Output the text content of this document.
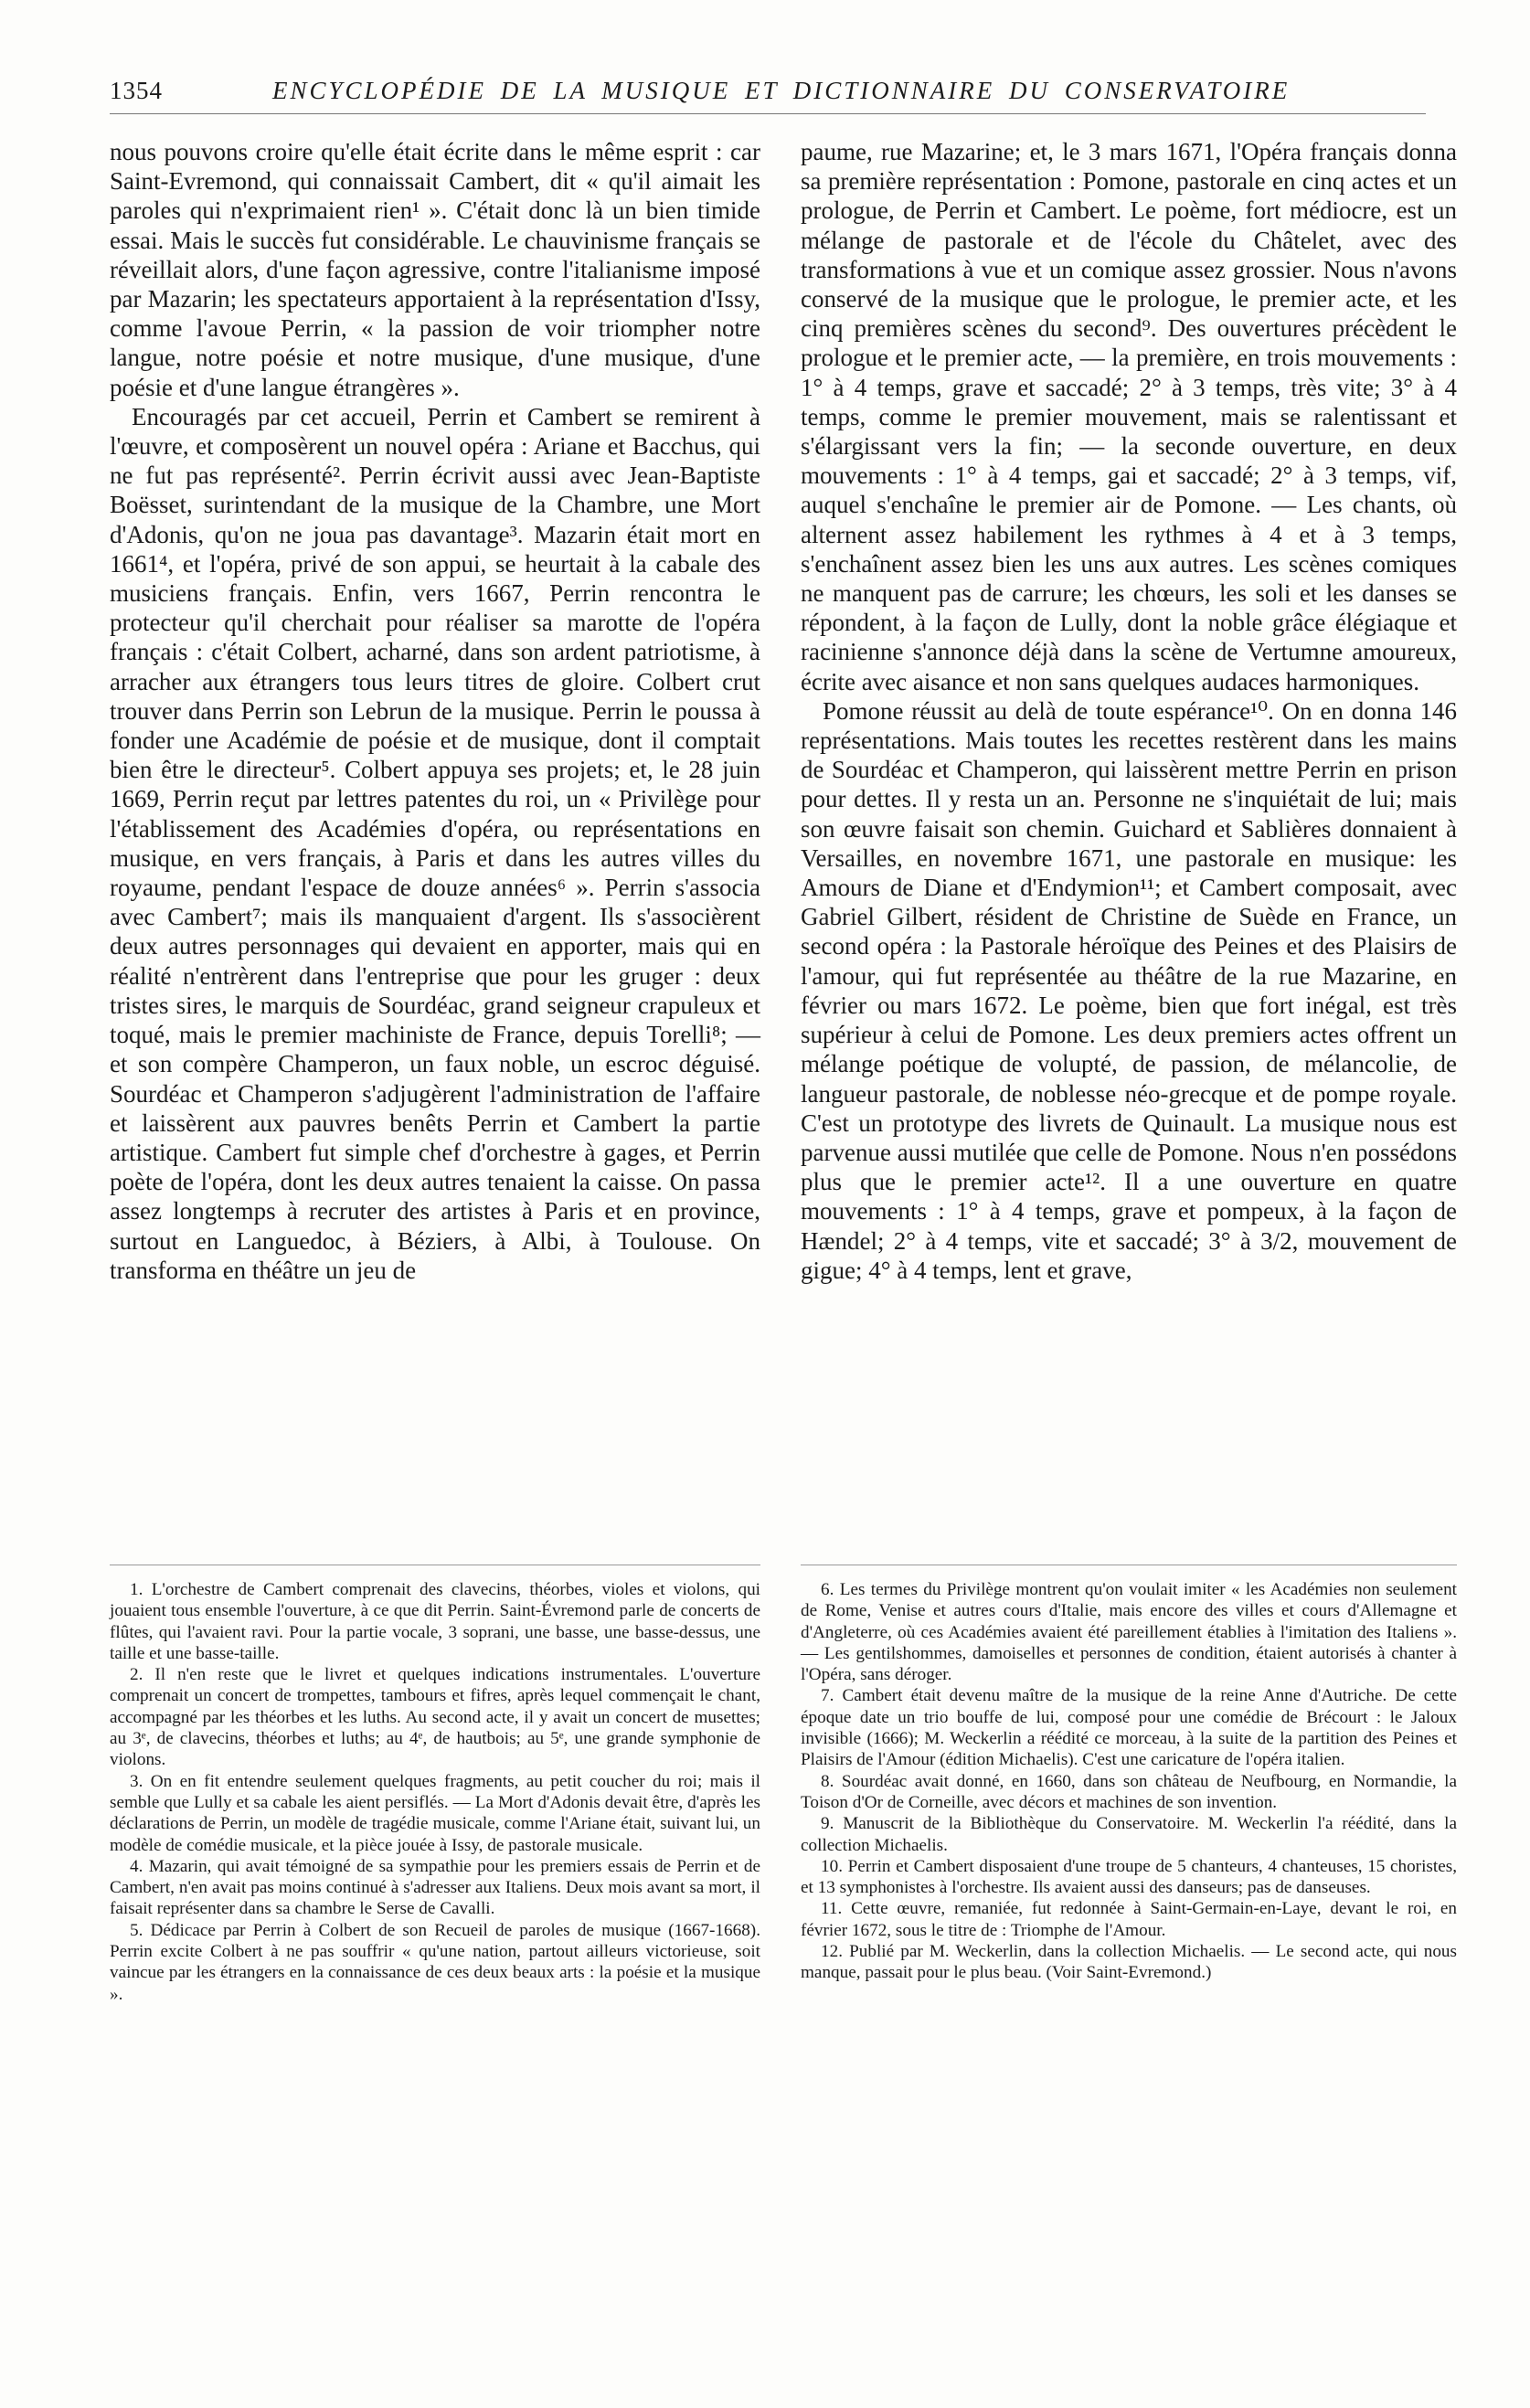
1354	ENCYCLOPÉDIE DE LA MUSIQUE ET DICTIONNAIRE DU CONSERVATOIRE

nous pouvons croire qu'elle était écrite dans le même esprit : car Saint-Evremond, qui connaissait Cambert, dit « qu'il aimait les paroles qui n'exprimaient rien¹ ». C'était donc là un bien timide essai. Mais le succès fut considérable. Le chauvinisme français se réveillait alors, d'une façon agressive, contre l'italianisme imposé par Mazarin; les spectateurs apportaient à la représentation d'Issy, comme l'avoue Perrin, « la passion de voir triompher notre langue, notre poésie et notre musique, d'une musique, d'une poésie et d'une langue étrangères ».

Encouragés par cet accueil, Perrin et Cambert se remirent à l'œuvre, et composèrent un nouvel opéra : Ariane et Bacchus, qui ne fut pas représenté². Perrin écrivit aussi avec Jean-Baptiste Boësset, surintendant de la musique de la Chambre, une Mort d'Adonis, qu'on ne joua pas davantage³. Mazarin était mort en 1661⁴, et l'opéra, privé de son appui, se heurtait à la cabale des musiciens français. Enfin, vers 1667, Perrin rencontra le protecteur qu'il cherchait pour réaliser sa marotte de l'opéra français : c'était Colbert, acharné, dans son ardent patriotisme, à arracher aux étrangers tous leurs titres de gloire. Colbert crut trouver dans Perrin son Lebrun de la musique. Perrin le poussa à fonder une Académie de poésie et de musique, dont il comptait bien être le directeur⁵. Colbert appuya ses projets; et, le 28 juin 1669, Perrin reçut par lettres patentes du roi, un « Privilège pour l'établissement des Académies d'opéra, ou représentations en musique, en vers français, à Paris et dans les autres villes du royaume, pendant l'espace de douze années⁶ ». Perrin s'associa avec Cambert⁷; mais ils manquaient d'argent. Ils s'associèrent deux autres personnages qui devaient en apporter, mais qui en réalité n'entrèrent dans l'entreprise que pour les gruger : deux tristes sires, le marquis de Sourdéac, grand seigneur crapuleux et toqué, mais le premier machiniste de France, depuis Torelli⁸; — et son compère Champeron, un faux noble, un escroc déguisé. Sourdéac et Champeron s'adjugèrent l'administration de l'affaire et laissèrent aux pauvres benêts Perrin et Cambert la partie artistique. Cambert fut simple chef d'orchestre à gages, et Perrin poète de l'opéra, dont les deux autres tenaient la caisse. On passa assez longtemps à recruter des artistes à Paris et en province, surtout en Languedoc, à Béziers, à Albi, à Toulouse. On transforma en théâtre un jeu de

paume, rue Mazarine; et, le 3 mars 1671, l'Opéra français donna sa première représentation : Pomone, pastorale en cinq actes et un prologue, de Perrin et Cambert. Le poème, fort médiocre, est un mélange de pastorale et de l'école du Châtelet, avec des transformations à vue et un comique assez grossier. Nous n'avons conservé de la musique que le prologue, le premier acte, et les cinq premières scènes du second⁹. Des ouvertures précèdent le prologue et le premier acte, — la première, en trois mouvements : 1° à 4 temps, grave et saccadé; 2° à 3 temps, très vite; 3° à 4 temps, comme le premier mouvement, mais se ralentissant et s'élargissant vers la fin; — la seconde ouverture, en deux mouvements : 1° à 4 temps, gai et saccadé; 2° à 3 temps, vif, auquel s'enchaîne le premier air de Pomone. — Les chants, où alternent assez habilement les rythmes à 4 et à 3 temps, s'enchaînent assez bien les uns aux autres. Les scènes comiques ne manquent pas de carrure; les chœurs, les soli et les danses se répondent, à la façon de Lully, dont la noble grâce élégiaque et racinienne s'annonce déjà dans la scène de Vertumne amoureux, écrite avec aisance et non sans quelques audaces harmoniques.

Pomone réussit au delà de toute espérance¹⁰. On en donna 146 représentations. Mais toutes les recettes restèrent dans les mains de Sourdéac et Champeron, qui laissèrent mettre Perrin en prison pour dettes. Il y resta un an. Personne ne s'inquiétait de lui; mais son œuvre faisait son chemin. Guichard et Sablières donnaient à Versailles, en novembre 1671, une pastorale en musique: les Amours de Diane et d'Endymion¹¹; et Cambert composait, avec Gabriel Gilbert, résident de Christine de Suède en France, un second opéra : la Pastorale héroïque des Peines et des Plaisirs de l'amour, qui fut représentée au théâtre de la rue Mazarine, en février ou mars 1672. Le poème, bien que fort inégal, est très supérieur à celui de Pomone. Les deux premiers actes offrent un mélange poétique de volupté, de passion, de mélancolie, de langueur pastorale, de noblesse néo-grecque et de pompe royale. C'est un prototype des livrets de Quinault. La musique nous est parvenue aussi mutilée que celle de Pomone. Nous n'en possédons plus que le premier acte¹². Il a une ouverture en quatre mouvements : 1° à 4 temps, grave et pompeux, à la façon de Hændel; 2° à 4 temps, vite et saccadé; 3° à 3/2, mouvement de gigue; 4° à 4 temps, lent et grave,

1. L'orchestre de Cambert comprenait des clavecins, théorbes, violes et violons, qui jouaient tous ensemble l'ouverture, à ce que dit Perrin. Saint-Évremond parle de concerts de flûtes, qui l'avaient ravi. Pour la partie vocale, 3 soprani, une basse, une basse-dessus, une taille et une basse-taille.

2. Il n'en reste que le livret et quelques indications instrumentales. L'ouverture comprenait un concert de trompettes, tambours et fifres, après lequel commençait le chant, accompagné par les théorbes et les luths. Au second acte, il y avait un concert de musettes; au 3ᵉ, de clavecins, théorbes et luths; au 4ᵉ, de hautbois; au 5ᵉ, une grande symphonie de violons.

3. On en fit entendre seulement quelques fragments, au petit coucher du roi; mais il semble que Lully et sa cabale les aient persiflés. — La Mort d'Adonis devait être, d'après les déclarations de Perrin, un modèle de tragédie musicale, comme l'Ariane était, suivant lui, un modèle de comédie musicale, et la pièce jouée à Issy, de pastorale musicale.

4. Mazarin, qui avait témoigné de sa sympathie pour les premiers essais de Perrin et de Cambert, n'en avait pas moins continué à s'adresser aux Italiens. Deux mois avant sa mort, il faisait représenter dans sa chambre le Serse de Cavalli.

5. Dédicace par Perrin à Colbert de son Recueil de paroles de musique (1667-1668). Perrin excite Colbert à ne pas souffrir « qu'une nation, partout ailleurs victorieuse, soit vaincue par les étrangers en la connaissance de ces deux beaux arts : la poésie et la musique ».

6. Les termes du Privilège montrent qu'on voulait imiter « les Académies non seulement de Rome, Venise et autres cours d'Italie, mais encore des villes et cours d'Allemagne et d'Angleterre, où ces Académies avaient été pareillement établies à l'imitation des Italiens ». — Les gentilshommes, damoiselles et personnes de condition, étaient autorisés à chanter à l'Opéra, sans déroger.

7. Cambert était devenu maître de la musique de la reine Anne d'Autriche. De cette époque date un trio bouffe de lui, composé pour une comédie de Brécourt : le Jaloux invisible (1666); M. Weckerlin a réédité ce morceau, à la suite de la partition des Peines et Plaisirs de l'Amour (édition Michaelis). C'est une caricature de l'opéra italien.

8. Sourdéac avait donné, en 1660, dans son château de Neufbourg, en Normandie, la Toison d'Or de Corneille, avec décors et machines de son invention.

9. Manuscrit de la Bibliothèque du Conservatoire. M. Weckerlin l'a réédité, dans la collection Michaelis.

10. Perrin et Cambert disposaient d'une troupe de 5 chanteurs, 4 chanteuses, 15 choristes, et 13 symphonistes à l'orchestre. Ils avaient aussi des danseurs; pas de danseuses.

11. Cette œuvre, remaniée, fut redonnée à Saint-Germain-en-Laye, devant le roi, en février 1672, sous le titre de : Triomphe de l'Amour.

12. Publié par M. Weckerlin, dans la collection Michaelis. — Le second acte, qui nous manque, passait pour le plus beau. (Voir Saint-Evremond.)
